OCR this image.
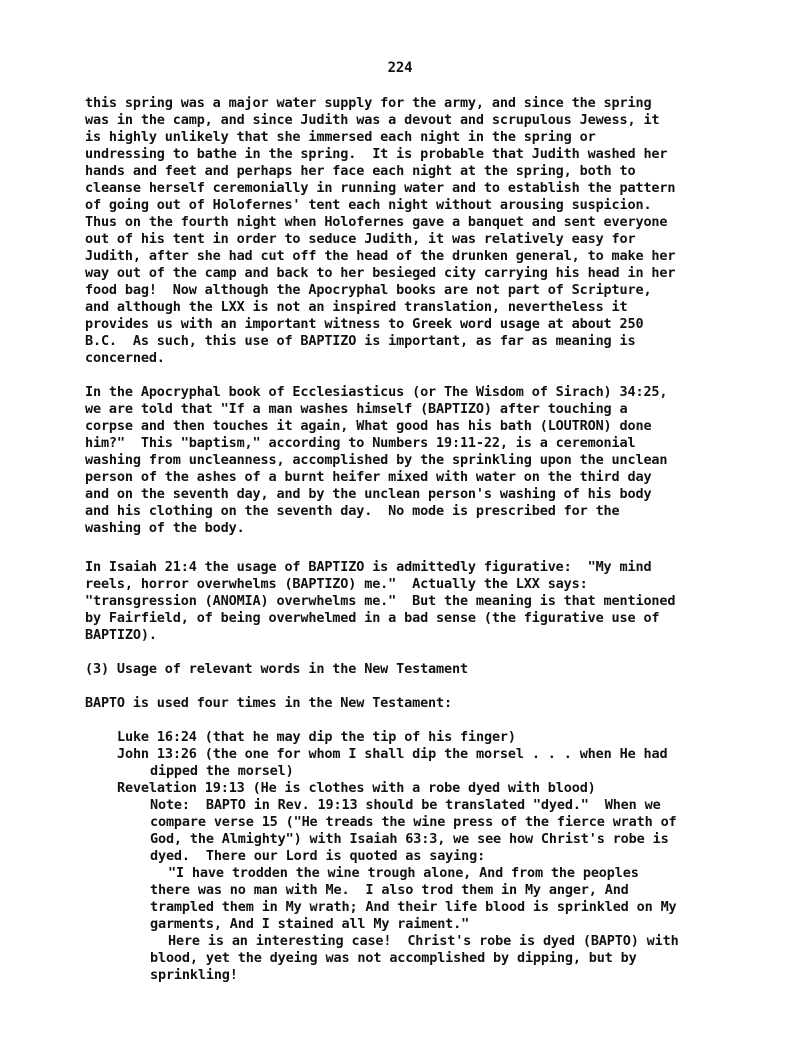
224
this spring was a major water supply for the army, and since the spring
was in the camp, and since Judith was a devout and scrupulous Jewess, it
is highly unlikely that she immersed each night in the spring or
undressing to bathe in the spring.  It is probable that Judith washed her
hands and feet and perhaps her face each night at the spring, both to
cleanse herself ceremonially in running water and to establish the pattern
of going out of Holofernes' tent each night without arousing suspicion.
Thus on the fourth night when Holofernes gave a banquet and sent everyone
out of his tent in order to seduce Judith, it was relatively easy for
Judith, after she had cut off the head of the drunken general, to make her
way out of the camp and back to her besieged city carrying his head in her
food bag!  Now although the Apocryphal books are not part of Scripture,
and although the LXX is not an inspired translation, nevertheless it
provides us with an important witness to Greek word usage at about 250
B.C.  As such, this use of BAPTIZO is important, as far as meaning is
concerned.
In the Apocryphal book of Ecclesiasticus (or The Wisdom of Sirach) 34:25,
we are told that "If a man washes himself (BAPTIZO) after touching a
corpse and then touches it again, What good has his bath (LOUTRON) done
him?"  This "baptism," according to Numbers 19:11-22, is a ceremonial
washing from uncleanness, accomplished by the sprinkling upon the unclean
person of the ashes of a burnt heifer mixed with water on the third day
and on the seventh day, and by the unclean person's washing of his body
and his clothing on the seventh day.  No mode is prescribed for the
washing of the body.
In Isaiah 21:4 the usage of BAPTIZO is admittedly figurative:  "My mind
reels, horror overwhelms (BAPTIZO) me."  Actually the LXX says:
"transgression (ANOMIA) overwhelms me."  But the meaning is that mentioned
by Fairfield, of being overwhelmed in a bad sense (the figurative use of
BAPTIZO).
(3) Usage of relevant words in the New Testament
BAPTO is used four times in the New Testament:
Luke 16:24 (that he may dip the tip of his finger)
John 13:26 (the one for whom I shall dip the morsel . . . when He had
dipped the morsel)
Revelation 19:13 (He is clothes with a robe dyed with blood)
Note:  BAPTO in Rev. 19:13 should be translated "dyed."  When we
compare verse 15 ("He treads the wine press of the fierce wrath of
God, the Almighty") with Isaiah 63:3, we see how Christ's robe is
dyed.  There our Lord is quoted as saying:
"I have trodden the wine trough alone, And from the peoples
there was no man with Me.  I also trod them in My anger, And
trampled them in My wrath; And their life blood is sprinkled on My
garments, And I stained all My raiment."
Here is an interesting case!  Christ's robe is dyed (BAPTO) with
blood, yet the dyeing was not accomplished by dipping, but by
sprinkling!
